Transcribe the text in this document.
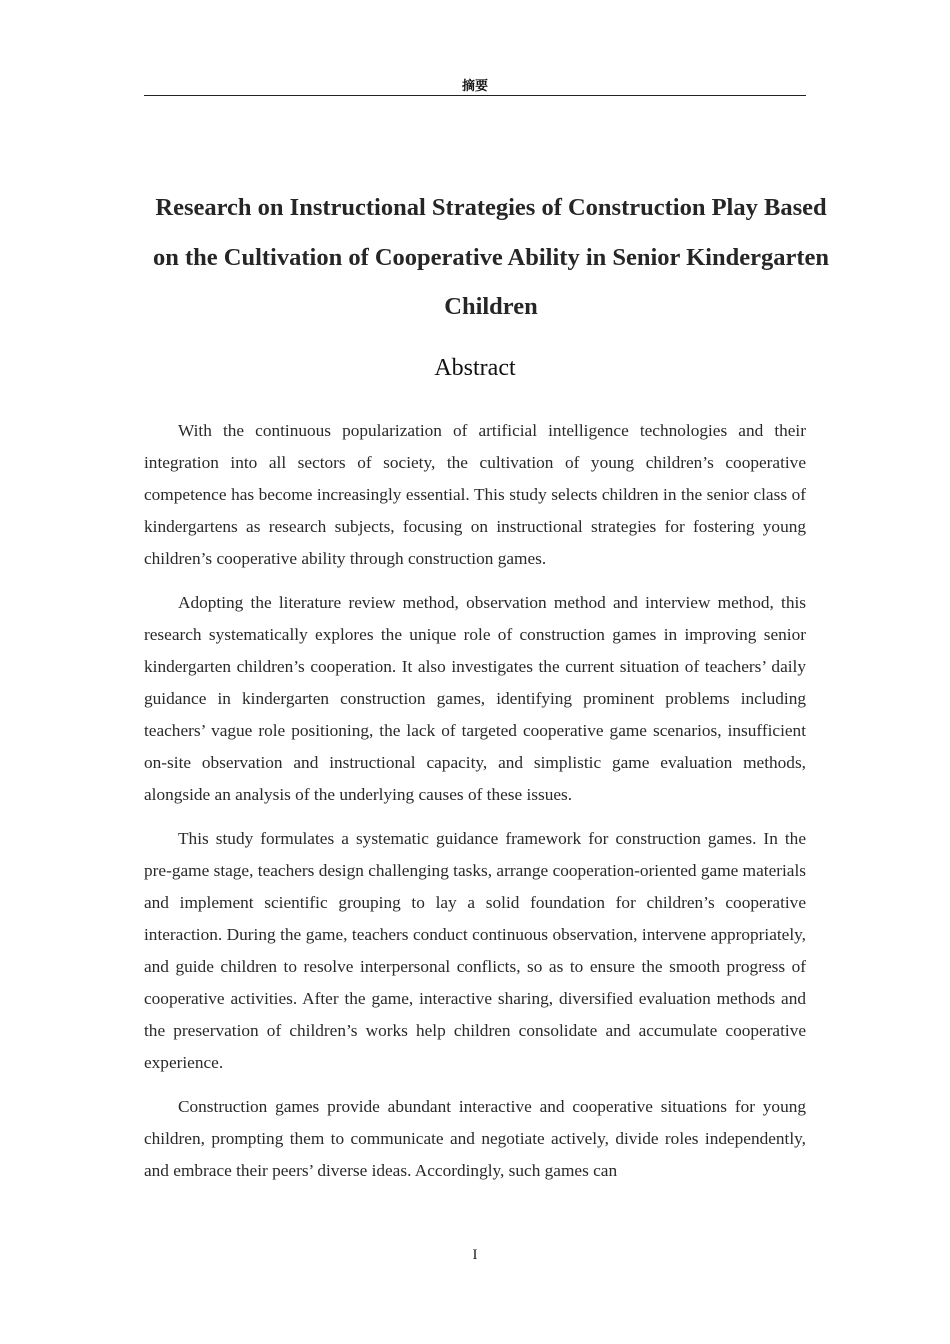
摘要
Research on Instructional Strategies of Construction Play Based on the Cultivation of Cooperative Ability in Senior Kindergarten Children
Abstract

With the continuous popularization of artificial intelligence technologies and their integration into all sectors of society, the cultivation of young children’s cooperative competence has become increasingly essential. This study selects children in the senior class of kindergartens as research subjects, focusing on instructional strategies for fostering young children’s cooperative ability through construction games.

Adopting the literature review method, observation method and interview method, this research systematically explores the unique role of construction games in improving senior kindergarten children’s cooperation. It also investigates the current situation of teachers’ daily guidance in kindergarten construction games, identifying prominent problems including teachers’ vague role positioning, the lack of targeted cooperative game scenarios, insufficient on-site observation and instructional capacity, and simplistic game evaluation methods, alongside an analysis of the underlying causes of these issues.

This study formulates a systematic guidance framework for construction games. In the pre-game stage, teachers design challenging tasks, arrange cooperation-oriented game materials and implement scientific grouping to lay a solid foundation for children’s cooperative interaction. During the game, teachers conduct continuous observation, intervene appropriately, and guide children to resolve interpersonal conflicts, so as to ensure the smooth progress of cooperative activities. After the game, interactive sharing, diversified evaluation methods and the preservation of children’s works help children consolidate and accumulate cooperative experience.

Construction games provide abundant interactive and cooperative situations for young children, prompting them to communicate and negotiate actively, divide roles independently, and embrace their peers’ diverse ideas. Accordingly, such games can

I
